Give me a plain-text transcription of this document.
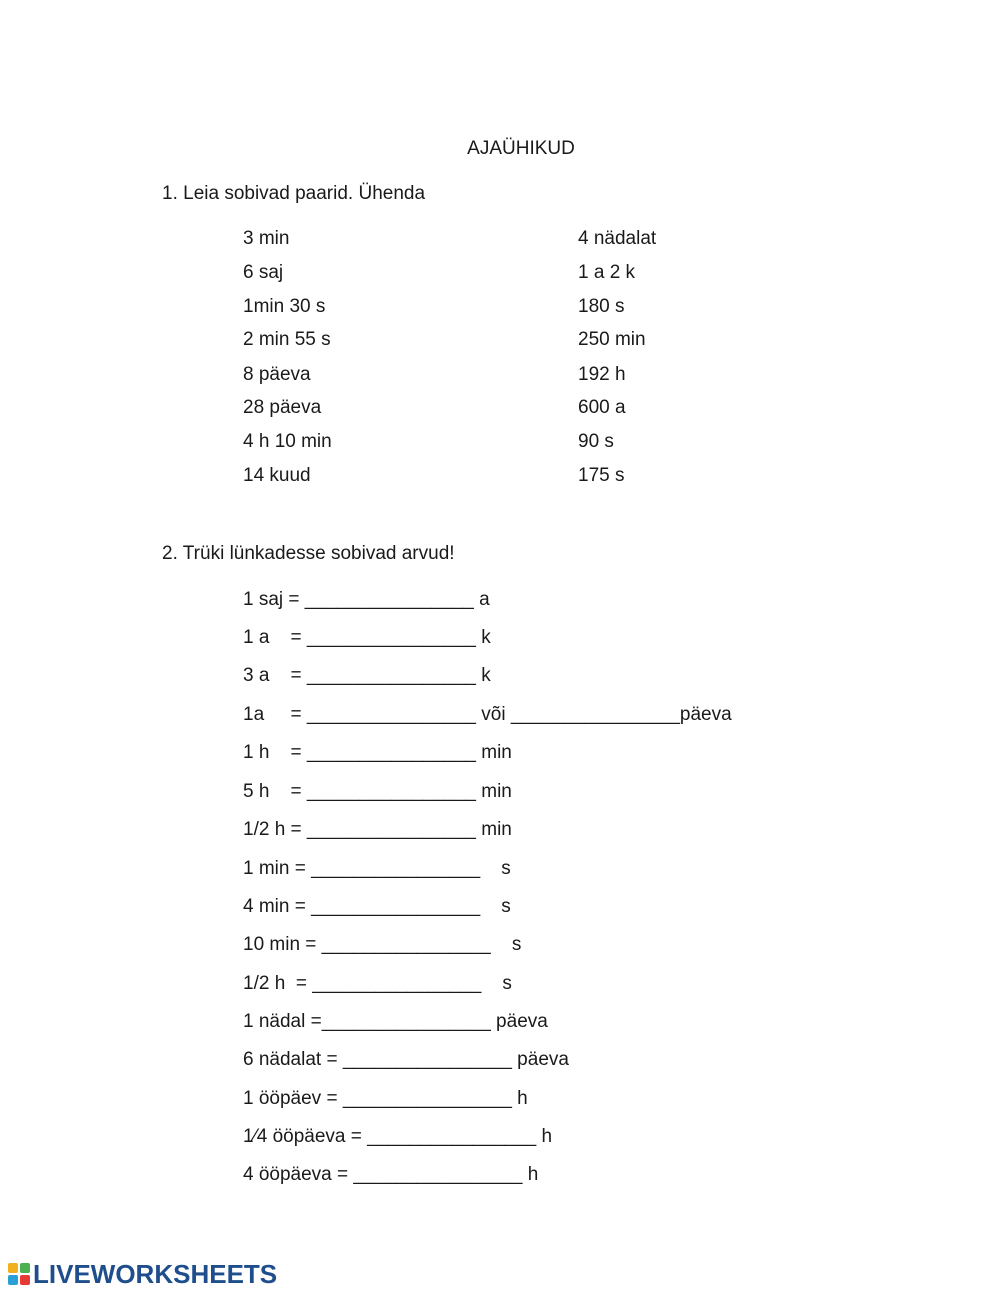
AJAÜHIKUD
1. Leia sobivad paarid. Ühenda
3 min
6 saj
1min 30 s
2 min 55 s
8 päeva
28 päeva
4 h 10 min
14 kuud
4 nädalat
1 a 2 k
180 s
250 min
192 h
600 a
90 s
175 s
2. Trüki lünkadesse sobivad arvud!
1 saj = ________________ a
1 a    = ________________ k
3 a    = ________________ k
1a     = ________________ või ________________päeva
1 h    = ________________ min
5 h    = ________________ min
1/2 h = ________________ min
1 min = ________________    s
4 min = ________________    s
10 min = ________________    s
1/2 h  = ________________    s
1 nädal =________________ päeva
6 nädalat = ________________ päeva
1 ööpäev = ________________ h
1⁄4 ööpäeva = ________________ h
4 ööpäeva = ________________ h
LIVEWORKSHEETS
